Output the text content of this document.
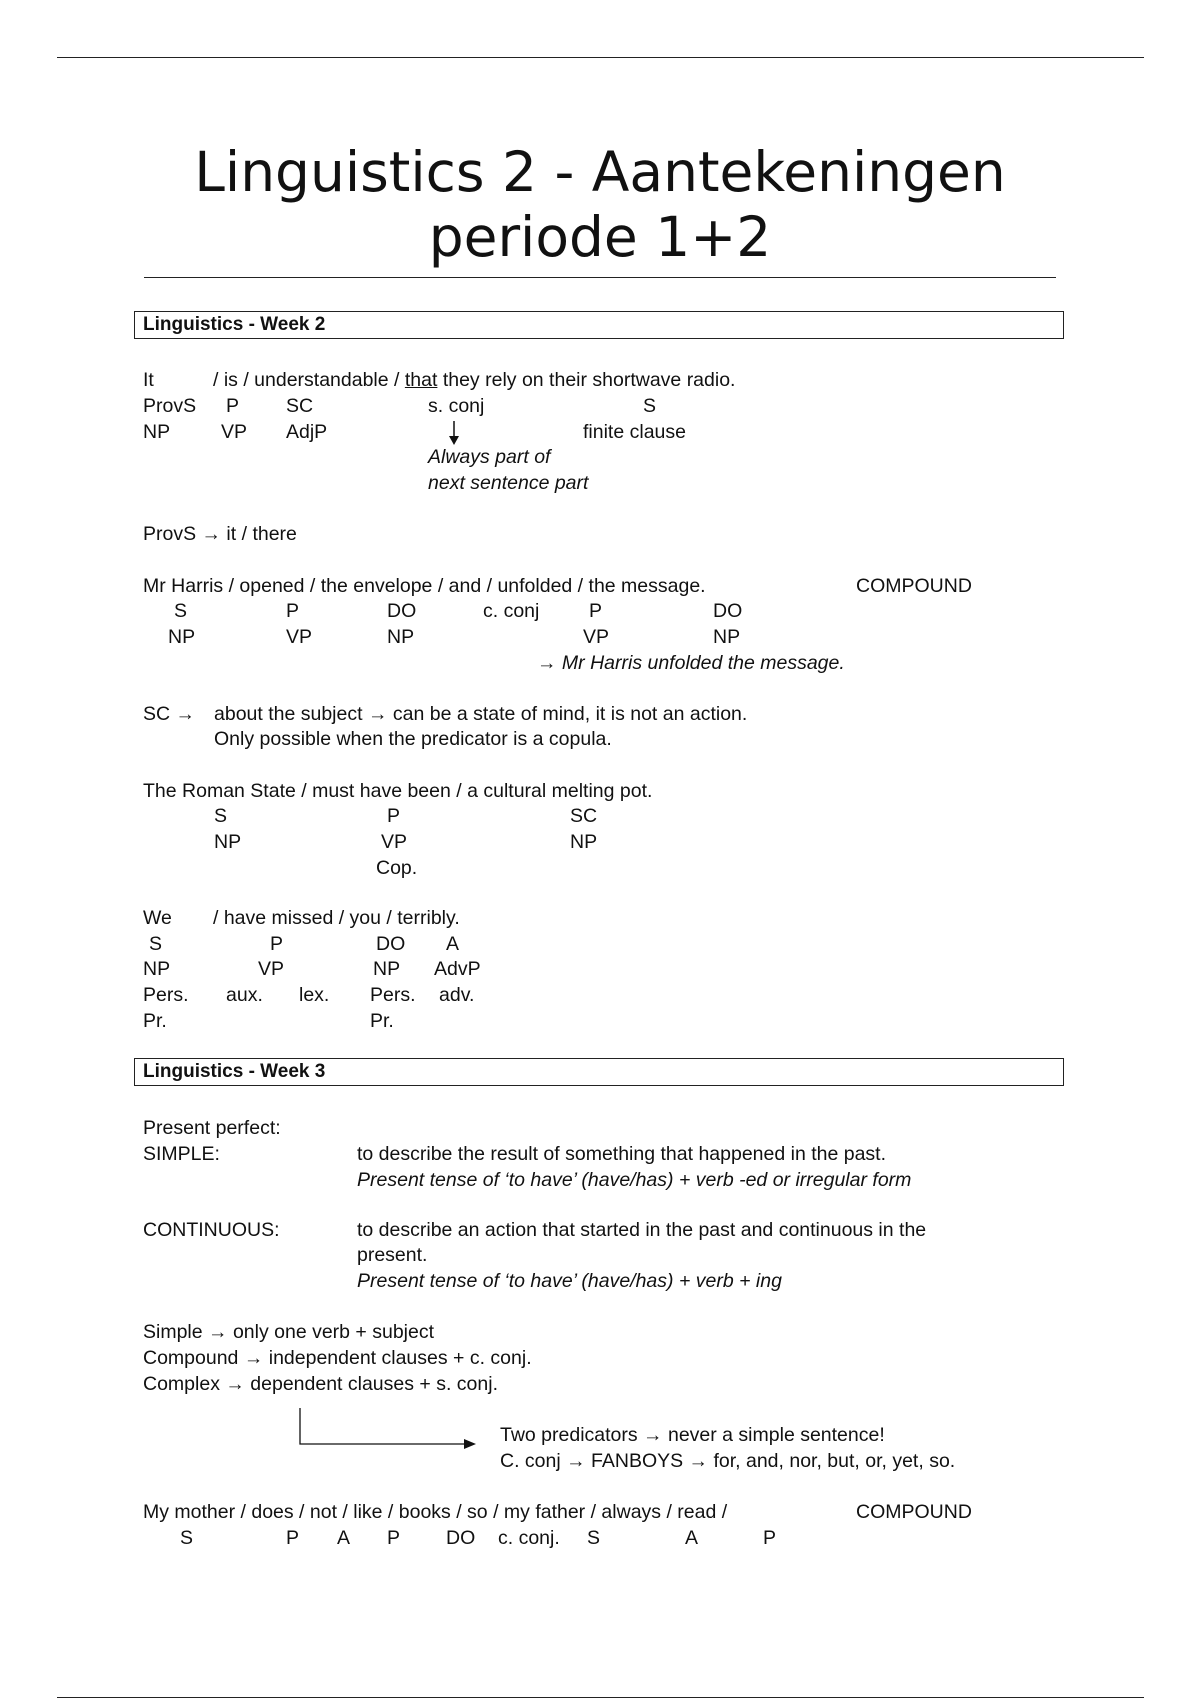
Linguistics 2 - Aantekeningen
periode 1+2
Linguistics - Week 2
It	/ is / understandable / that they rely on their shortwave radio.
ProvS P SC	s. conj	S
NP	VP AdjP	finite clause
Always part of
next sentence part
ProvS → it / there
Mr Harris / opened / the envelope / and / unfolded / the message.	COMPOUND
S	P	DO	c. conj	P	DO
NP	VP	NP	VP	NP
→ Mr Harris unfolded the message.
SC → about the subject → can be a state of mind, it is not an action.
Only possible when the predicator is a copula.
The Roman State / must have been / a cultural melting pot.
S	P	SC
NP	VP	NP
Cop.
We / have missed / you / terribly.
S	P	DO A
NP	VP	NP AdvP
Pers. aux. lex. Pers. adv.
Pr.	Pr.
Linguistics - Week 3
Present perfect:
SIMPLE:	to describe the result of something that happened in the past.
Present tense of ‘to have’ (have/has) + verb -ed or irregular form
CONTINUOUS:	to describe an action that started in the past and continuous in the
present.
Present tense of ‘to have’ (have/has) + verb + ing
Simple → only one verb + subject
Compound → independent clauses + c. conj.
Complex → dependent clauses + s. conj.
Two predicators → never a simple sentence!
C. conj → FANBOYS → for, and, nor, but, or, yet, so.
My mother / does / not / like / books / so / my father / always / read /	COMPOUND
S	P A P DO c. conj. S	A	P
